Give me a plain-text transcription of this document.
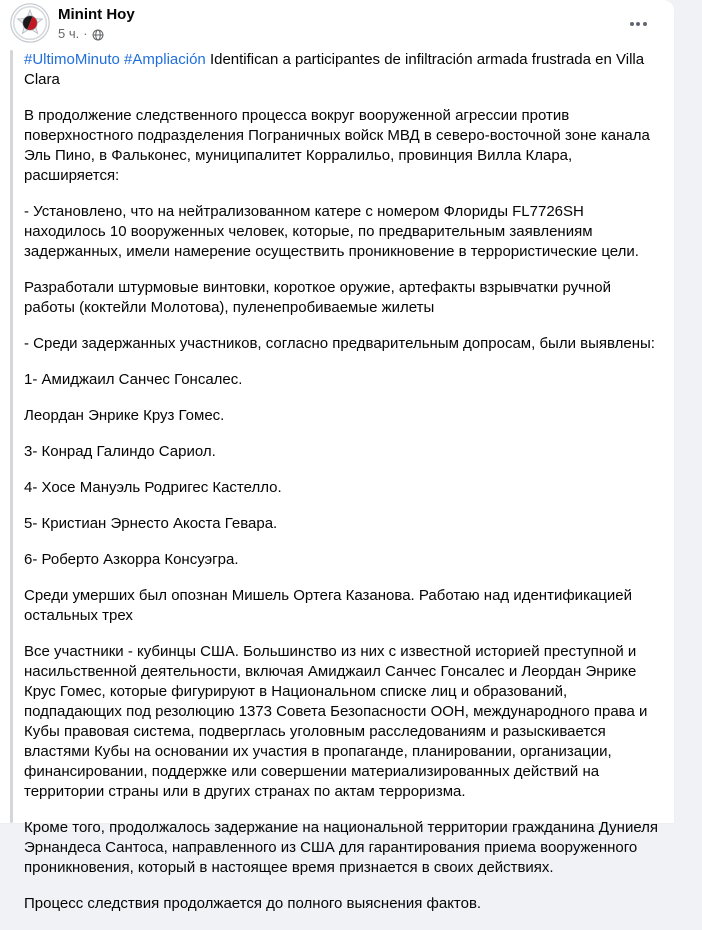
Minint Hoy
5 ч. ·

#UltimoMinuto #Ampliación Identifican a participantes de infiltración armada frustrada en Villa Clara

В продолжение следственного процесса вокруг вооруженной агрессии против поверхностного подразделения Пограничных войск МВД в северо-восточной зоне канала Эль Пино, в Фальконес, муниципалитет Корралильо, провинция Вилла Клара, расширяется:

- Установлено, что на нейтрализованном катере с номером Флориды FL7726SH находилось 10 вооруженных человек, которые, по предварительным заявлениям задержанных, имели намерение осуществить проникновение в террористические цели.

Разработали штурмовые винтовки, короткое оружие, артефакты взрывчатки ручной работы (коктейли Молотова), пуленепробиваемые жилеты

- Среди задержанных участников, согласно предварительным допросам, были выявлены:

1- Амиджаил Санчес Гонсалес.

Леордан Энрике Круз Гомес.

3- Конрад Галиндо Сариол.

4- Хосе Мануэль Родригес Кастелло.

5- Кристиан Эрнесто Акоста Гевара.

6- Роберто Азкорра Консуэгра.

Среди умерших был опознан Мишель Ортега Казанова. Работаю над идентификацией остальных трех

Все участники - кубинцы США. Большинство из них с известной историей преступной и насильственной деятельности, включая Амиджаил Санчес Гонсалес и Леордан Энрике Крус Гомес, которые фигурируют в Национальном списке лиц и образований, подпадающих под резолюцию 1373 Совета Безопасности ООН, международного права и Кубы правовая система, подверглась уголовным расследованиям и разыскивается властями Кубы на основании их участия в пропаганде, планировании, организации, финансировании, поддержке или совершении материализированных действий на территории страны или в других странах по актам терроризма.

Кроме того, продолжалось задержание на национальной территории гражданина Дуниеля Эрнандеса Сантоса, направленного из США для гарантирования приема вооруженного проникновения, который в настоящее время признается в своих действиях.

Процесс следствия продолжается до полного выяснения фактов.
